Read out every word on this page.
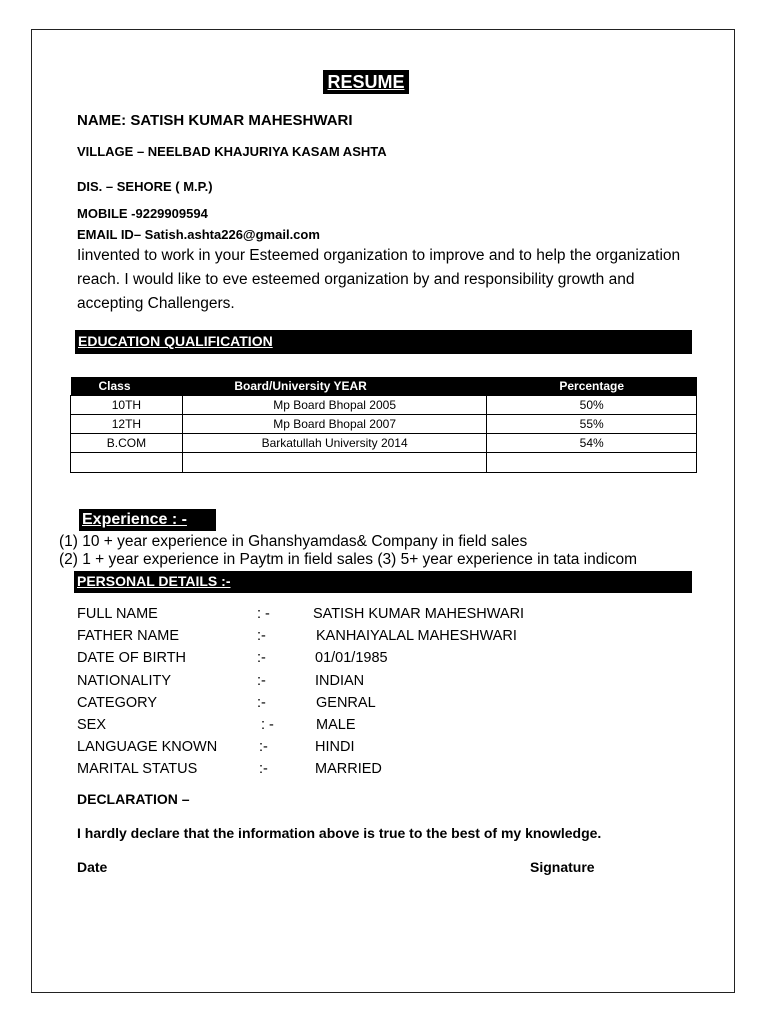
RESUME
NAME: SATISH KUMAR MAHESHWARI
VILLAGE – NEELBAD KHAJURIYA KASAM ASHTA
DIS. – SEHORE ( M.P.)
MOBILE -9229909594
EMAIL ID– Satish.ashta226@gmail.com
Iinvented to work in your Esteemed organization to improve and to help the organization reach. I would like to eve esteemed organization by and responsibility growth and accepting Challengers.
EDUCATION QUALIFICATION
Class	Board/University YEAR	Percentage
10TH	Mp Board Bhopal 2005	50%
12TH	Mp Board Bhopal 2007	55%
B.COM	Barkatullah University 2014	54%

Experience : -
(1) 10 + year experience in Ghanshyamdas& Company in field sales
(2) 1 + year experience in Paytm in field sales (3) 5+ year experience in tata indicom
PERSONAL DETAILS :-
FULL NAME	: -	SATISH KUMAR MAHESHWARI
FATHER NAME	:-	KANHAIYALAL MAHESHWARI
DATE OF BIRTH	:-	01/01/1985
NATIONALITY	:-	INDIAN
CATEGORY	:-	GENRAL
SEX	: -	MALE
LANGUAGE KNOWN	:-	HINDI
MARITAL STATUS	:-	MARRIED
DECLARATION –
I hardly declare that the information above is true to the best of my knowledge.
Date	Signature
